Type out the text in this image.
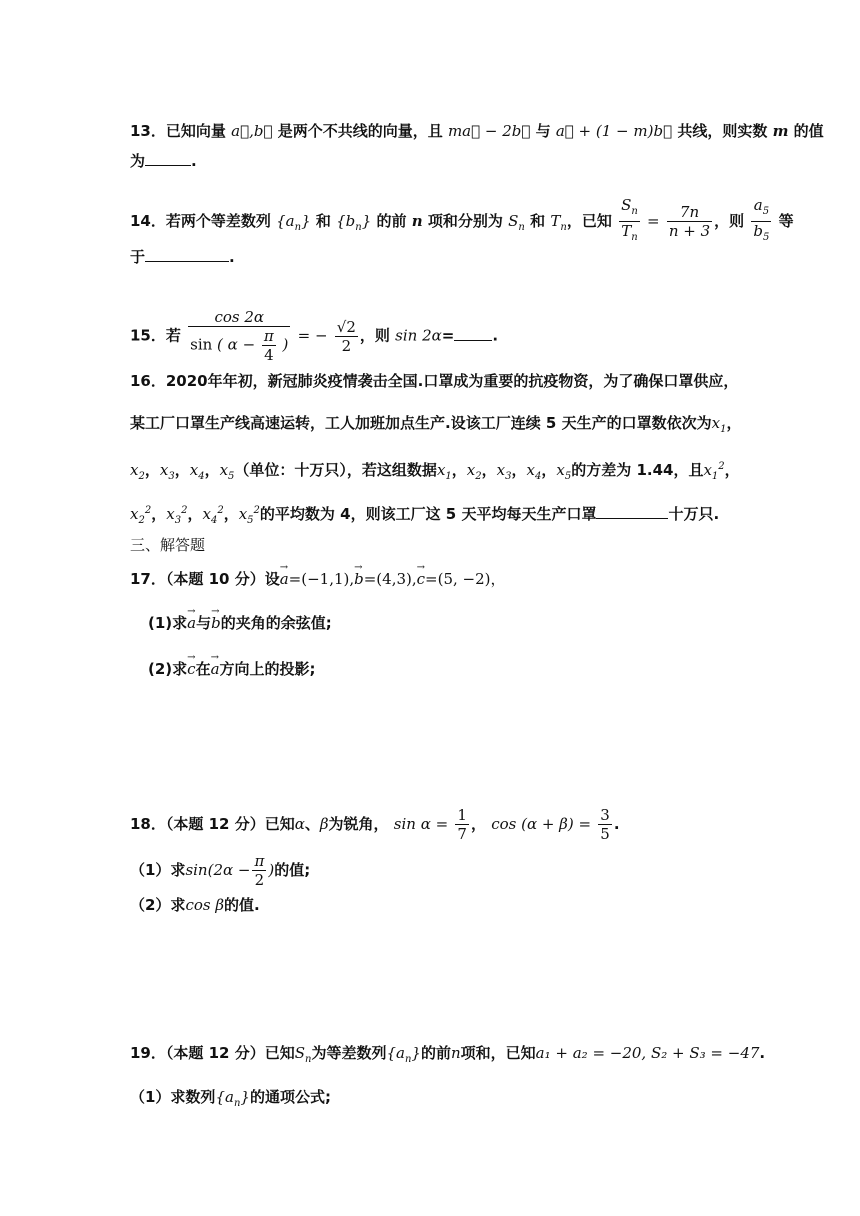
13．已知向量 a⃗,b⃗ 是两个不共线的向量，且 ma⃗ − 2b⃗ 与 a⃗ + (1 − m)b⃗ 共线，则实数 m 的值
为	.
14．若两个等差数列 $\{a_n\}$ 和 $\{b_n\}$ 的前 n 项和分别为 $S_n$ 和 $T_n$，已知 $\frac{S_n}{T_n} = \frac{7n}{n + 3}$ ，则 $\frac{a_5}{b_5}$ 等
于	.
15．若 $\frac{\cos 2\alpha}{\sin ( \alpha - \frac{\pi}{4} )}$ = − $\frac{√2}{2}$ ，则 sin 2α=	.
16．2020年年初，新冠肺炎疫情袭击全国.口罩成为重要的抗疫物资，为了确保口罩供应，
某工厂口罩生产线高速运转，工人加班加点生产.设该工厂连续 5 天生产的口罩数依次为$x_1$，
$x_2$，$x_3$，$x_4$，$x_5$（单位：十万只），若这组数据$x_1$，$x_2$，$x_3$，$x_4$，$x_5$的方差为 1.44，且$x_1^2$，
$x_2^2$，$x_3^2$，$x_4^2$，$x_5^2$的平均数为 4，则该工厂这 5 天平均每天生产口罩	十万只.
三、解答题
17．（本题 10 分）设→ a=(−1,1),→ b=(4,3),→ c=(5, −2)，
(1)求→ a与→ b的夹角的余弦值;
(2)求→ c在→ a方向上的投影;
18．（本题 12 分）已知α、β为锐角， $\sin \alpha = \frac{1}{7}$ ， $\cos (\alpha + \beta) = \frac{3}{5}$ .
（1）求$\sin(2\alpha - \frac{\pi}{2}$ )的值;
（2）求cos β的值.
19．（本题 12 分）已知$S_n$为等差数列$\{a_n\}$的前n项和，已知a₁ + a₂ = −20, S₂ + S₃ = −47.
（1）求数列$\{a_n\}$的通项公式;
